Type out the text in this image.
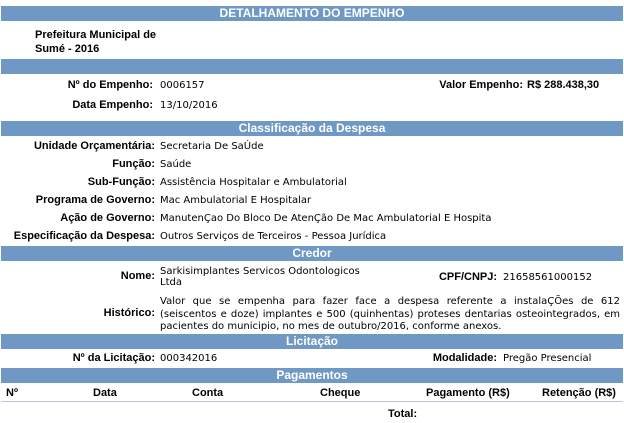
DETALHAMENTO DO EMPENHO
Prefeitura Municipal de Sumé - 2016
Nº do Empenho: 0006157	Valor Empenho: R$ 288.438,30
Data Empenho: 13/10/2016
Classificação da Despesa
Unidade Orçamentária: Secretaria De SaÚde
Função: Saúde
Sub-Função: Assistência Hospitalar e Ambulatorial
Programa de Governo: Mac Ambulatorial E Hospitalar
Ação de Governo: ManutenÇao Do Bloco De AtenÇão De Mac Ambulatorial E Hospita
Especificação da Despesa: Outros Serviços de Terceiros - Pessoa Jurídica
Credor
Nome: Sarkisimplantes Servicos Odontologicos Ltda	CPF/CNPJ: 21658561000152
Histórico:
Valor que se empenha para fazer face a despesa referente a instalaÇÕes de 612 (seiscentos e doze) implantes e 500 (quinhentas) proteses dentarias osteointegrados, em pacientes do municipio, no mes de outubro/2016, conforme anexos.
Licitação
Nº da Licitação: 000342016	Modalidade: Pregão Presencial
Pagamentos
Nº	Data	Conta	Cheque	Pagamento (R$)	Retenção (R$)
Total:
